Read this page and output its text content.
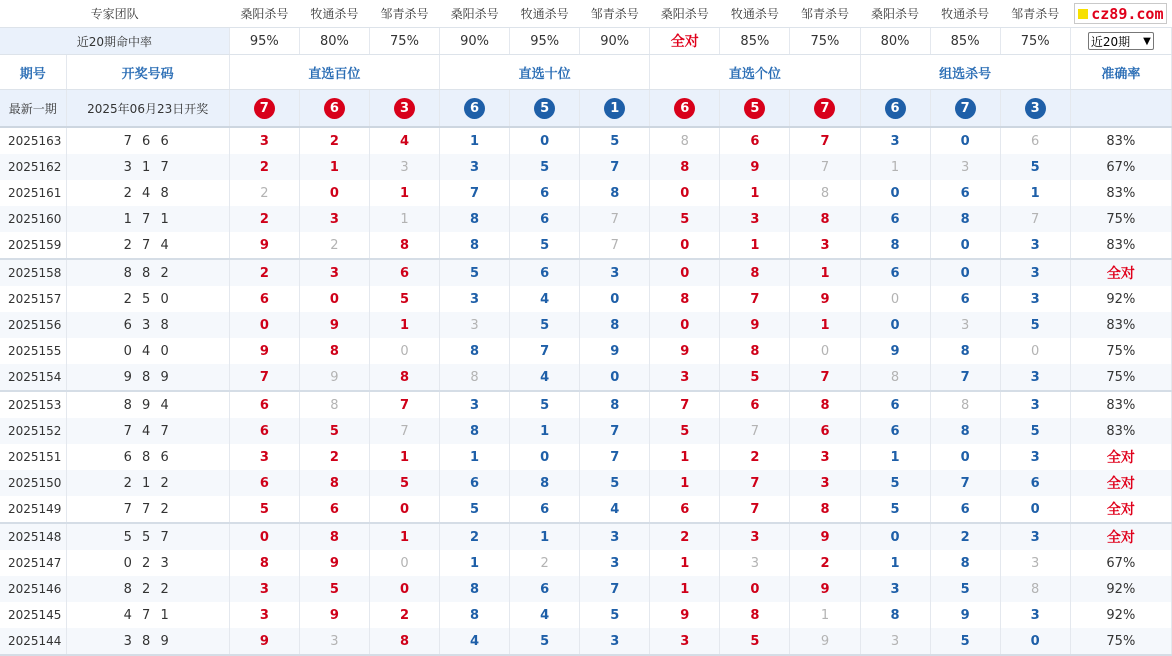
专家团队		桑阳杀号	牧通杀号	邹青杀号	桑阳杀号	牧通杀号	邹青杀号	桑阳杀号	牧通杀号	邹青杀号	桑阳杀号	牧通杀号	邹青杀号	cz89.com

近20期命中率		95%	80%	75%	90%	95%	90%	全对	85%	75%	80%	85%	75%	近20期 ▼

期号	开奖号码	直选百位			直选十位			直选个位			组选杀号			准确率
最新一期	2025年06月23日开奖	7	6	3	6	5	1	6	5	7	6	7	3	
2025163	7 6 6	3	2	4	1	0	5	8	6	7	3	0	6	83%
2025162	3 1 7	2	1	3	3	5	7	8	9	7	1	3	5	67%
2025161	2 4 8	2	0	1	7	6	8	0	1	8	0	6	1	83%
2025160	1 7 1	2	3	1	8	6	7	5	3	8	6	8	7	75%
2025159	2 7 4	9	2	8	8	5	7	0	1	3	8	0	3	83%
2025158	8 8 2	2	3	6	5	6	3	0	8	1	6	0	3	全对
2025157	2 5 0	6	0	5	3	4	0	8	7	9	0	6	3	92%
2025156	6 3 8	0	9	1	3	5	8	0	9	1	0	3	5	83%
2025155	0 4 0	9	8	0	8	7	9	9	8	0	9	8	0	75%
2025154	9 8 9	7	9	8	8	4	0	3	5	7	8	7	3	75%
2025153	8 9 4	6	8	7	3	5	8	7	6	8	6	8	3	83%
2025152	7 4 7	6	5	7	8	1	7	5	7	6	6	8	5	83%
2025151	6 8 6	3	2	1	1	0	7	1	2	3	1	0	3	全对
2025150	2 1 2	6	8	5	6	8	5	1	7	3	5	7	6	全对
2025149	7 7 2	5	6	0	5	6	4	6	7	8	5	6	0	全对
2025148	5 5 7	0	8	1	2	1	3	2	3	9	0	2	3	全对
2025147	0 2 3	8	9	0	1	2	3	1	3	2	1	8	3	67%
2025146	8 2 2	3	5	0	8	6	7	1	0	9	3	5	8	92%
2025145	4 7 1	3	9	2	8	4	5	9	8	1	8	9	3	92%
2025144	3 8 9	9	3	8	4	5	3	3	5	9	3	5	0	75%
